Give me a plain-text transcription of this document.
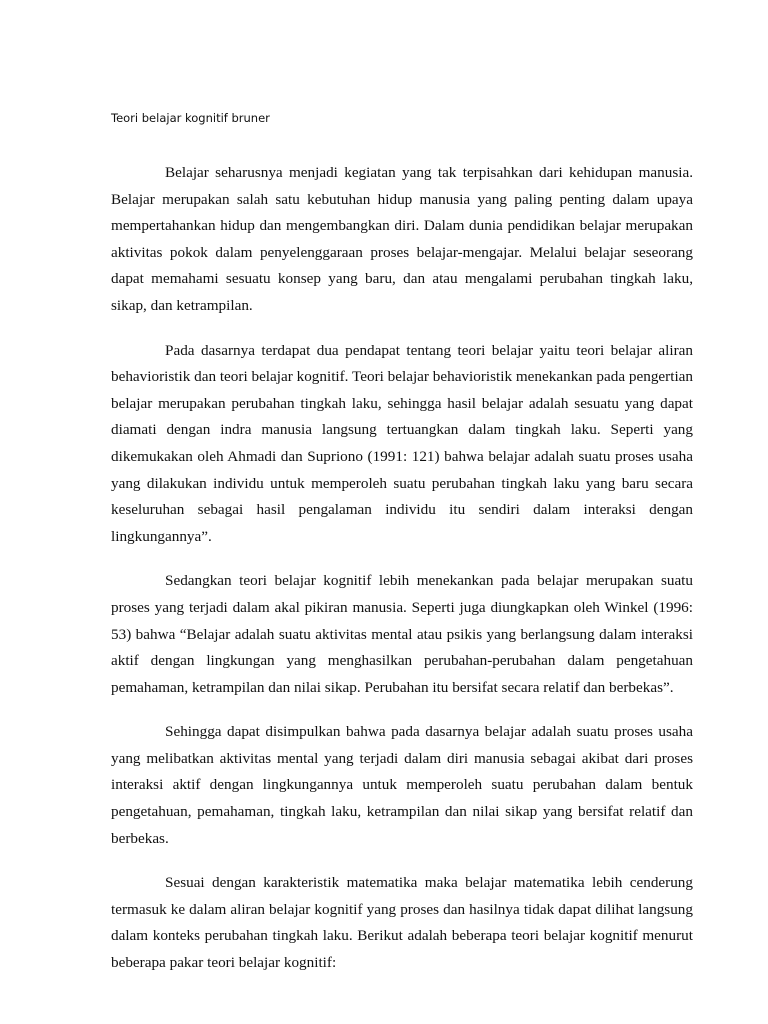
Teori belajar kognitif bruner

Belajar seharusnya menjadi kegiatan yang tak terpisahkan dari kehidupan manusia. Belajar merupakan salah satu kebutuhan hidup manusia yang paling penting dalam upaya mempertahankan hidup dan mengembangkan diri. Dalam dunia pendidikan belajar merupakan aktivitas pokok dalam penyelenggaraan proses belajar-mengajar. Melalui belajar seseorang dapat memahami sesuatu konsep yang baru, dan atau mengalami perubahan tingkah laku, sikap, dan ketrampilan.

Pada dasarnya terdapat dua pendapat tentang teori belajar yaitu teori belajar aliran behavioristik dan teori belajar kognitif. Teori belajar behavioristik menekankan pada pengertian belajar merupakan perubahan tingkah laku, sehingga hasil belajar adalah sesuatu yang dapat diamati dengan indra manusia langsung tertuangkan dalam tingkah laku. Seperti yang dikemukakan oleh Ahmadi dan Supriono (1991: 121) bahwa belajar adalah suatu proses usaha yang dilakukan individu untuk memperoleh suatu perubahan tingkah laku yang baru secara keseluruhan sebagai hasil pengalaman individu itu sendiri dalam interaksi dengan lingkungannya”.

Sedangkan teori belajar kognitif lebih menekankan pada belajar merupakan suatu proses yang terjadi dalam akal pikiran manusia. Seperti juga diungkapkan oleh Winkel (1996: 53) bahwa “Belajar adalah suatu aktivitas mental atau psikis yang berlangsung dalam interaksi aktif dengan lingkungan yang menghasilkan perubahan-perubahan dalam pengetahuan pemahaman, ketrampilan dan nilai sikap. Perubahan itu bersifat secara relatif dan berbekas”.

Sehingga dapat disimpulkan bahwa pada dasarnya belajar adalah suatu proses usaha yang melibatkan aktivitas mental yang terjadi dalam diri manusia sebagai akibat dari proses interaksi aktif dengan lingkungannya untuk memperoleh suatu perubahan dalam bentuk pengetahuan, pemahaman, tingkah laku, ketrampilan dan nilai sikap yang bersifat relatif dan berbekas.

Sesuai dengan karakteristik matematika maka belajar matematika lebih cenderung termasuk ke dalam aliran belajar kognitif yang proses dan hasilnya tidak dapat dilihat langsung dalam konteks perubahan tingkah laku. Berikut adalah beberapa teori belajar kognitif menurut beberapa pakar teori belajar kognitif:
